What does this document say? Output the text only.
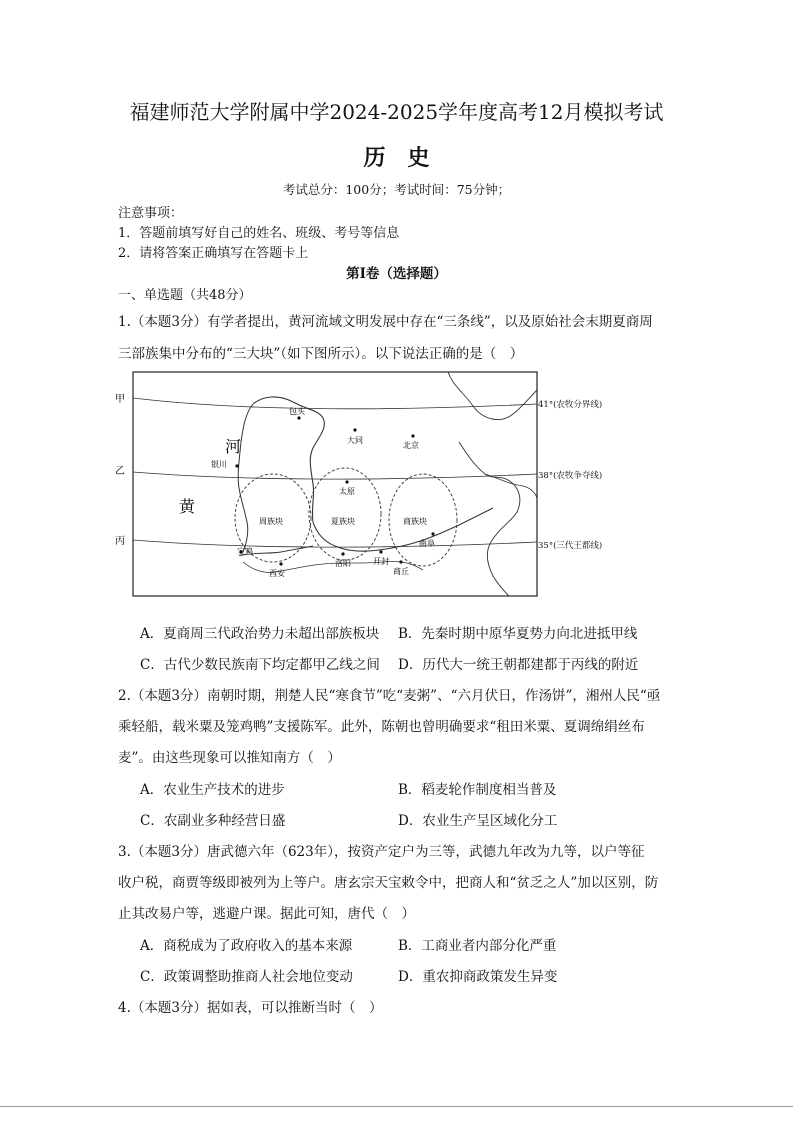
福建师范大学附属中学2024-2025学年度高考12月模拟考试
历史
考试总分：100分；考试时间：75分钟；
注意事项：
1．答题前填写好自己的姓名、班级、考号等信息
2．请将答案正确填写在答题卡上
第Ⅰ卷（选择题）
一、单选题（共48分）
1.（本题3分）有学者提出，黄河流域文明发展中存在“三条线”，以及原始社会末期夏商周
三部族集中分布的“三大块”（如下图所示）。以下说法正确的是（　）
甲
乙
丙
河
黄
周族块	夏族块	商族块
包头
大同
北京
银川
太原
曲阜
宝鸡
西安
洛阳	开封
商丘
41°(农牧分界线)
38°(农牧争夺线)
35°(三代王都线)
A．夏商周三代政治势力未超出部族板块 B．先秦时期中原华夏势力向北进抵甲线
C．古代少数民族南下均定都甲乙线之间 D．历代大一统王朝都建都于丙线的附近
2.（本题3分）南朝时期，荆楚人民“寒食节”吃“麦粥”、“六月伏日，作汤饼”，湘州人民“亟
乘轻船，载米粟及笼鸡鸭”支援陈军。此外，陈朝也曾明确要求“租田米粟、夏调绵绢丝布
麦”。由这些现象可以推知南方（　）
A．农业生产技术的进步	B．稻麦轮作制度相当普及
C．农副业多种经营日盛	D．农业生产呈区域化分工
3.（本题3分）唐武德六年（623年），按资产定户为三等，武德九年改为九等，以户等征
收户税，商贾等级即被列为上等户。唐玄宗天宝敕令中，把商人和“贫乏之人”加以区别，防
止其改易户等，逃避户课。据此可知，唐代（　）
A．商税成为了政府收入的基本来源	B．工商业者内部分化严重
C．政策调整助推商人社会地位变动	D．重农抑商政策发生异变
4.（本题3分）据如表，可以推断当时（　）
